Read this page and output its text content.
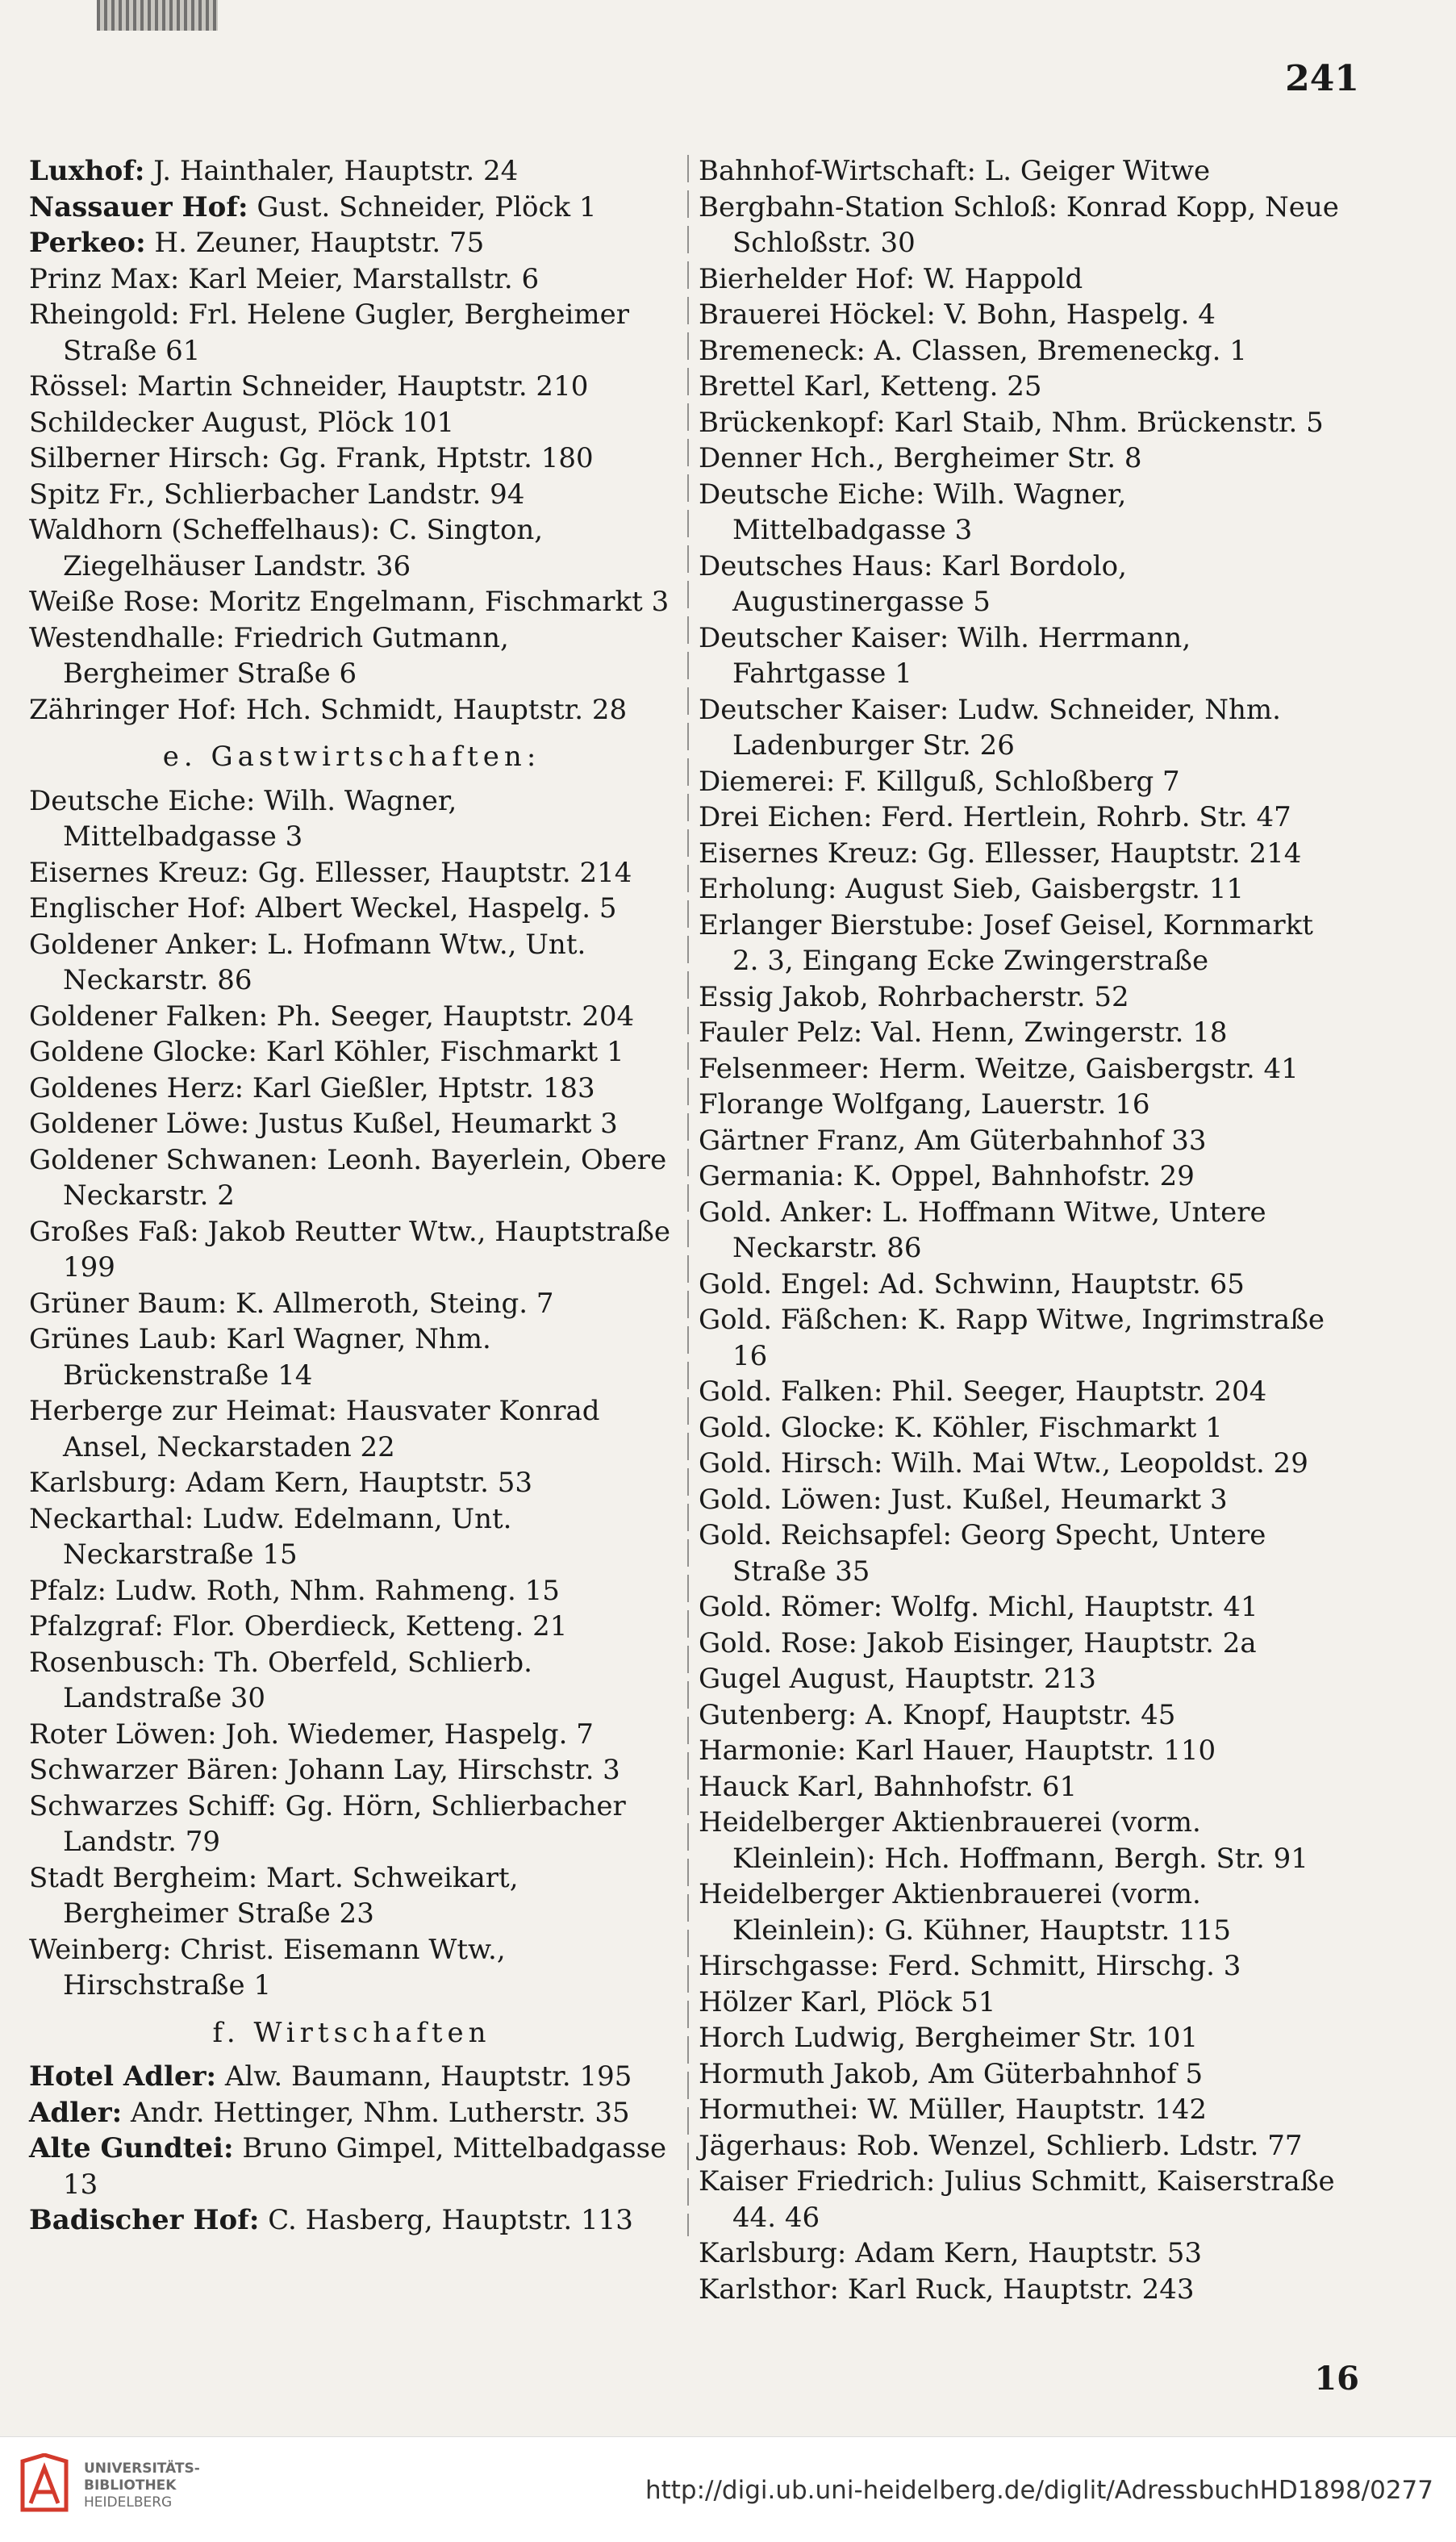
241

Luxhof: J. Hainthaler, Hauptstr. 24

Nassauer Hof: Gust. Schneider, Plöck 1

Perkeo: H. Zeuner, Hauptstr. 75

Prinz Max: Karl Meier, Marstallstr. 6

Rheingold: Frl. Helene Gugler, Bergheimer Straße 61

Rössel: Martin Schneider, Hauptstr. 210

Schildecker August, Plöck 101

Silberner Hirsch: Gg. Frank, Hptstr. 180

Spitz Fr., Schlierbacher Landstr. 94

Waldhorn (Scheffelhaus): C. Sington, Ziegelhäuser Landstr. 36

Weiße Rose: Moritz Engelmann, Fischmarkt 3

Westendhalle: Friedrich Gutmann, Bergheimer Straße 6

Zähringer Hof: Hch. Schmidt, Hauptstr. 28

e. Gastwirtschaften:

Deutsche Eiche: Wilh. Wagner, Mittelbadgasse 3

Eisernes Kreuz: Gg. Ellesser, Hauptstr. 214

Englischer Hof: Albert Weckel, Haspelg. 5

Goldener Anker: L. Hofmann Wtw., Unt. Neckarstr. 86

Goldener Falken: Ph. Seeger, Hauptstr. 204

Goldene Glocke: Karl Köhler, Fischmarkt 1

Goldenes Herz: Karl Gießler, Hptstr. 183

Goldener Löwe: Justus Kußel, Heumarkt 3

Goldener Schwanen: Leonh. Bayerlein, Obere Neckarstr. 2

Großes Faß: Jakob Reutter Wtw., Hauptstraße 199

Grüner Baum: K. Allmeroth, Steing. 7

Grünes Laub: Karl Wagner, Nhm. Brückenstraße 14

Herberge zur Heimat: Hausvater Konrad Ansel, Neckarstaden 22

Karlsburg: Adam Kern, Hauptstr. 53

Neckarthal: Ludw. Edelmann, Unt. Neckarstraße 15

Pfalz: Ludw. Roth, Nhm. Rahmeng. 15

Pfalzgraf: Flor. Oberdieck, Ketteng. 21

Rosenbusch: Th. Oberfeld, Schlierb. Landstraße 30

Roter Löwen: Joh. Wiedemer, Haspelg. 7

Schwarzer Bären: Johann Lay, Hirschstr. 3

Schwarzes Schiff: Gg. Hörn, Schlierbacher Landstr. 79

Stadt Bergheim: Mart. Schweikart, Bergheimer Straße 23

Weinberg: Christ. Eisemann Wtw., Hirschstraße 1

f. Wirtschaften

Hotel Adler: Alw. Baumann, Hauptstr. 195

Adler: Andr. Hettinger, Nhm. Lutherstr. 35

Alte Gundtei: Bruno Gimpel, Mittelbadgasse 13

Badischer Hof: C. Hasberg, Hauptstr. 113

Bahnhof-Wirtschaft: L. Geiger Witwe

Bergbahn-Station Schloß: Konrad Kopp, Neue Schloßstr. 30

Bierhelder Hof: W. Happold

Brauerei Höckel: V. Bohn, Haspelg. 4

Bremeneck: A. Classen, Bremeneckg. 1

Brettel Karl, Ketteng. 25

Brückenkopf: Karl Staib, Nhm. Brückenstr. 5

Denner Hch., Bergheimer Str. 8

Deutsche Eiche: Wilh. Wagner, Mittelbadgasse 3

Deutsches Haus: Karl Bordolo, Augustinergasse 5

Deutscher Kaiser: Wilh. Herrmann, Fahrtgasse 1

Deutscher Kaiser: Ludw. Schneider, Nhm. Ladenburger Str. 26

Diemerei: F. Killguß, Schloßberg 7

Drei Eichen: Ferd. Hertlein, Rohrb. Str. 47

Eisernes Kreuz: Gg. Ellesser, Hauptstr. 214

Erholung: August Sieb, Gaisbergstr. 11

Erlanger Bierstube: Josef Geisel, Kornmarkt 2. 3, Eingang Ecke Zwingerstraße

Essig Jakob, Rohrbacherstr. 52

Fauler Pelz: Val. Henn, Zwingerstr. 18

Felsenmeer: Herm. Weitze, Gaisbergstr. 41

Florange Wolfgang, Lauerstr. 16

Gärtner Franz, Am Güterbahnhof 33

Germania: K. Oppel, Bahnhofstr. 29

Gold. Anker: L. Hoffmann Witwe, Untere Neckarstr. 86

Gold. Engel: Ad. Schwinn, Hauptstr. 65

Gold. Fäßchen: K. Rapp Witwe, Ingrimstraße 16

Gold. Falken: Phil. Seeger, Hauptstr. 204

Gold. Glocke: K. Köhler, Fischmarkt 1

Gold. Hirsch: Wilh. Mai Wtw., Leopoldst. 29

Gold. Löwen: Just. Kußel, Heumarkt 3

Gold. Reichsapfel: Georg Specht, Untere Straße 35

Gold. Römer: Wolfg. Michl, Hauptstr. 41

Gold. Rose: Jakob Eisinger, Hauptstr. 2a

Gugel August, Hauptstr. 213

Gutenberg: A. Knopf, Hauptstr. 45

Harmonie: Karl Hauer, Hauptstr. 110

Hauck Karl, Bahnhofstr. 61

Heidelberger Aktienbrauerei (vorm. Kleinlein): Hch. Hoffmann, Bergh. Str. 91

Heidelberger Aktienbrauerei (vorm. Kleinlein): G. Kühner, Hauptstr. 115

Hirschgasse: Ferd. Schmitt, Hirschg. 3

Hölzer Karl, Plöck 51

Horch Ludwig, Bergheimer Str. 101

Hormuth Jakob, Am Güterbahnhof 5

Hormuthei: W. Müller, Hauptstr. 142

Jägerhaus: Rob. Wenzel, Schlierb. Ldstr. 77

Kaiser Friedrich: Julius Schmitt, Kaiserstraße 44. 46

Karlsburg: Adam Kern, Hauptstr. 53

Karlsthor: Karl Ruck, Hauptstr. 243

16
UNIVERSITÄTS-
BIBLIOTHEK
HEIDELBERG	http://digi.ub.uni-heidelberg.de/diglit/AdressbuchHD1898/0277
